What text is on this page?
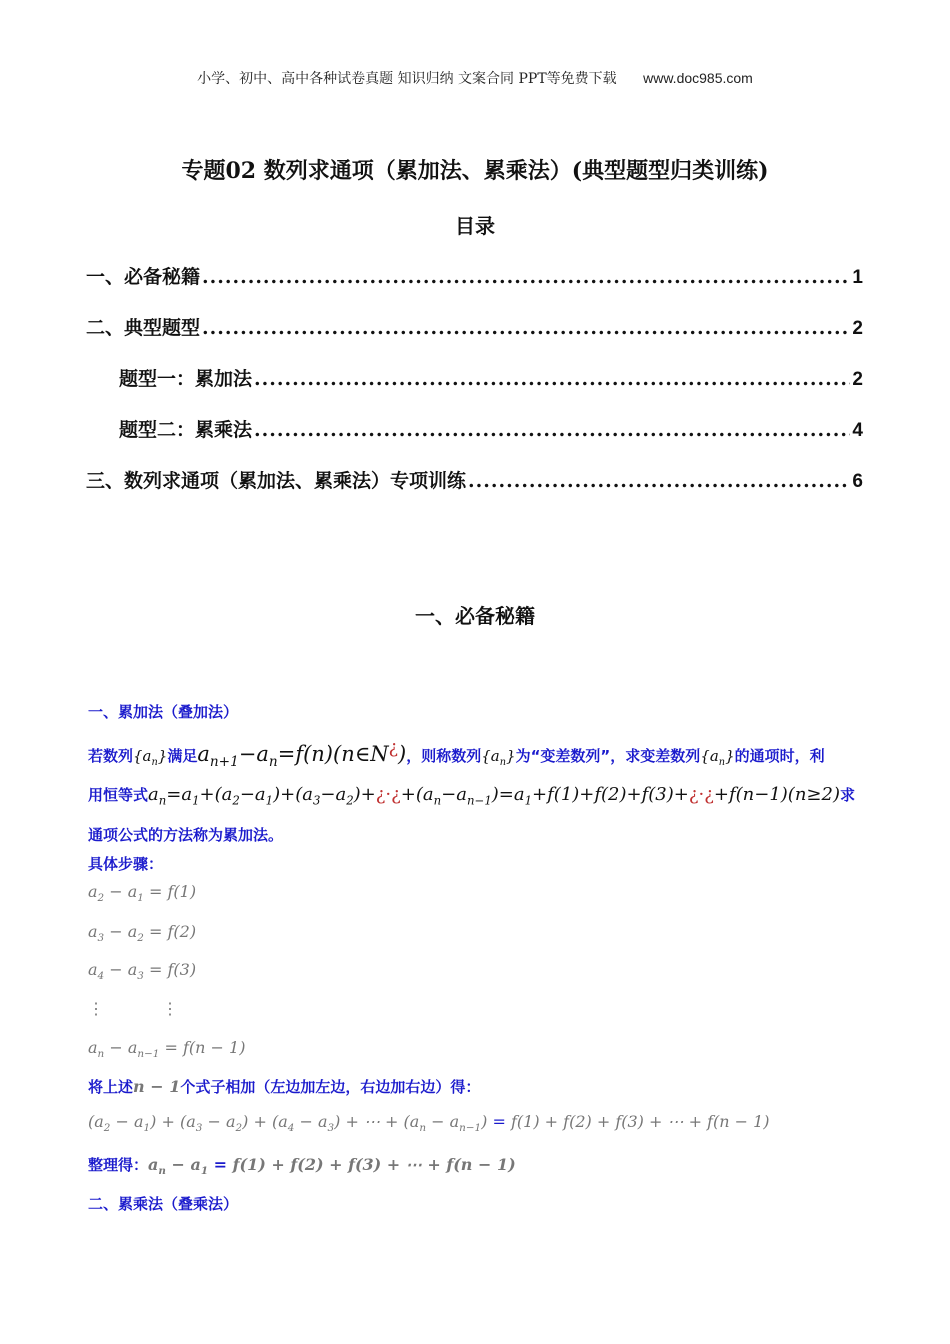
小学、初中、高中各种试卷真题 知识归纳 文案合同 PPT等免费下载 www.doc985.com
专题02 数列求通项（累加法、累乘法）(典型题型归类训练)
目录
一、必备秘籍 .....	1
二、典型题型 .....	2
题型一：累加法 .....	2
题型二：累乘法 .....	4
三、数列求通项（累加法、累乘法）专项训练 .....	6
一、必备秘籍
一、累加法（叠加法）
若数列$\{a_n\}$满足$a_{n+1}-a_n=f(n)(n\in N^¿)$，则称数列$\{a_n\}$为“变差数列”，求变差数列$\{a_n\}$的通项时，利
用恒等式$a_n=a_1+(a_2-a_1)+(a_3-a_2)+¿\cdot¿+(a_n-a_{n-1})=a_1+f(1)+f(2)+f(3)+¿\cdot¿+f(n-1)(n\ge 2)$求
通项公式的方法称为累加法。
具体步骤：
$a_2 - a_1 = f(1)$
$a_3 - a_2 = f(2)$
$a_4 - a_3 = f(3)$
⋮	⋮
$a_n - a_{n-1} = f(n - 1)$
将上述n − 1个式子相加（左边加左边，右边加右边）得：
$(a_2 - a_1) + (a_3 - a_2) + (a_4 - a_3)$ + ⋯ + $(a_n - a_{n-1}) = f(1) + f(2) + f(3)$ + ⋯ + f(n − 1)
整理得：$a_n - a_1 = f(1) + f(2) + f(3)$ + ⋯ + f(n − 1)
二、累乘法（叠乘法）
